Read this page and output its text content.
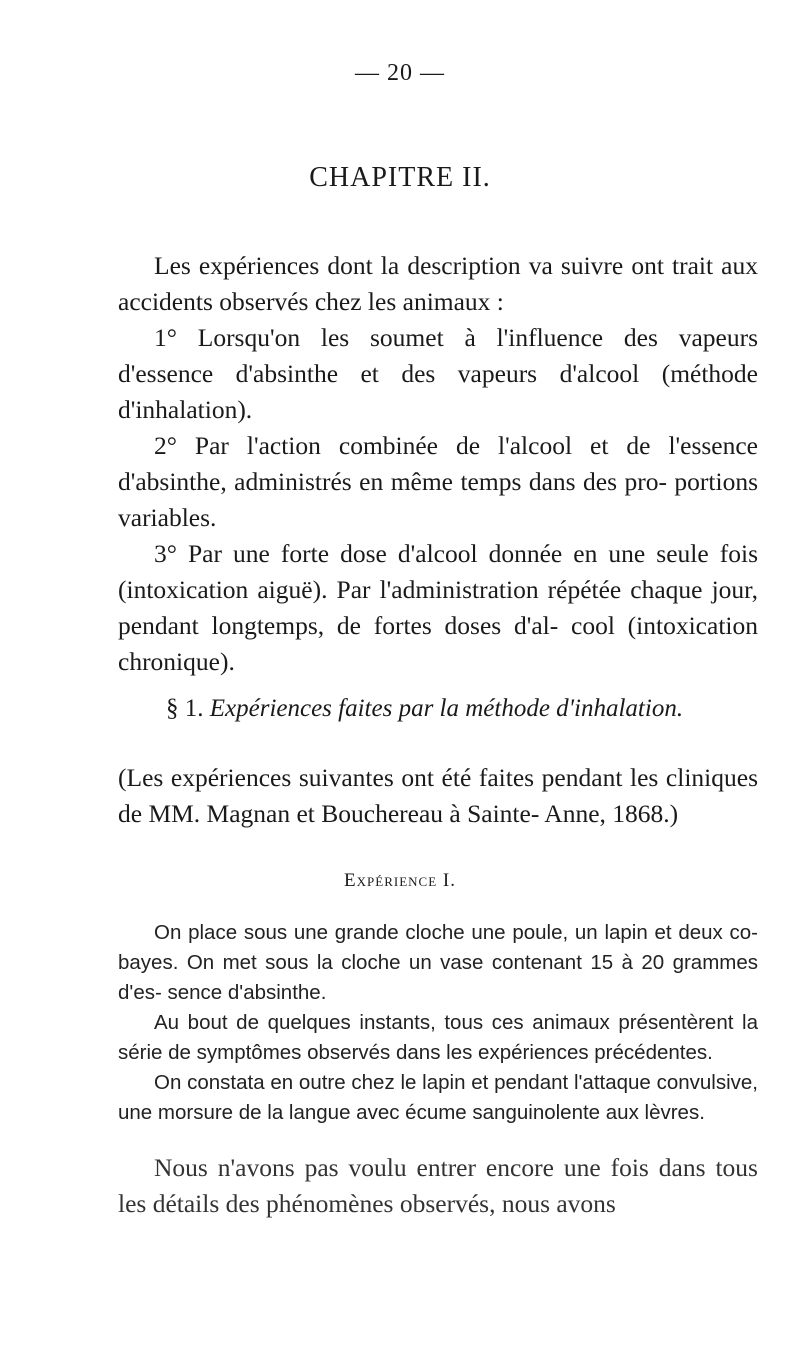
— 20 —
CHAPITRE II.

Les expériences dont la description va suivre ont trait aux accidents observés chez les animaux :

1° Lorsqu'on les soumet à l'influence des vapeurs d'essence d'absinthe et des vapeurs d'alcool (méthode d'inhalation).

2° Par l'action combinée de l'alcool et de l'essence d'absinthe, administrés en même temps dans des pro- portions variables.

3° Par une forte dose d'alcool donnée en une seule fois (intoxication aiguë). Par l'administration répétée chaque jour, pendant longtemps, de fortes doses d'al- cool (intoxication chronique).

§ 1. Expériences faites par la méthode d'inhalation.

(Les expériences suivantes ont été faites pendant les cliniques de MM. Magnan et Bouchereau à Sainte- Anne, 1868.)

Expérience I.

On place sous une grande cloche une poule, un lapin et deux co- bayes. On met sous la cloche un vase contenant 15 à 20 grammes d'es- sence d'absinthe.

Au bout de quelques instants, tous ces animaux présentèrent la série de symptômes observés dans les expériences précédentes.

On constata en outre chez le lapin et pendant l'attaque convulsive, une morsure de la langue avec écume sanguinolente aux lèvres.

Nous n'avons pas voulu entrer encore une fois dans tous les détails des phénomènes observés, nous avons
